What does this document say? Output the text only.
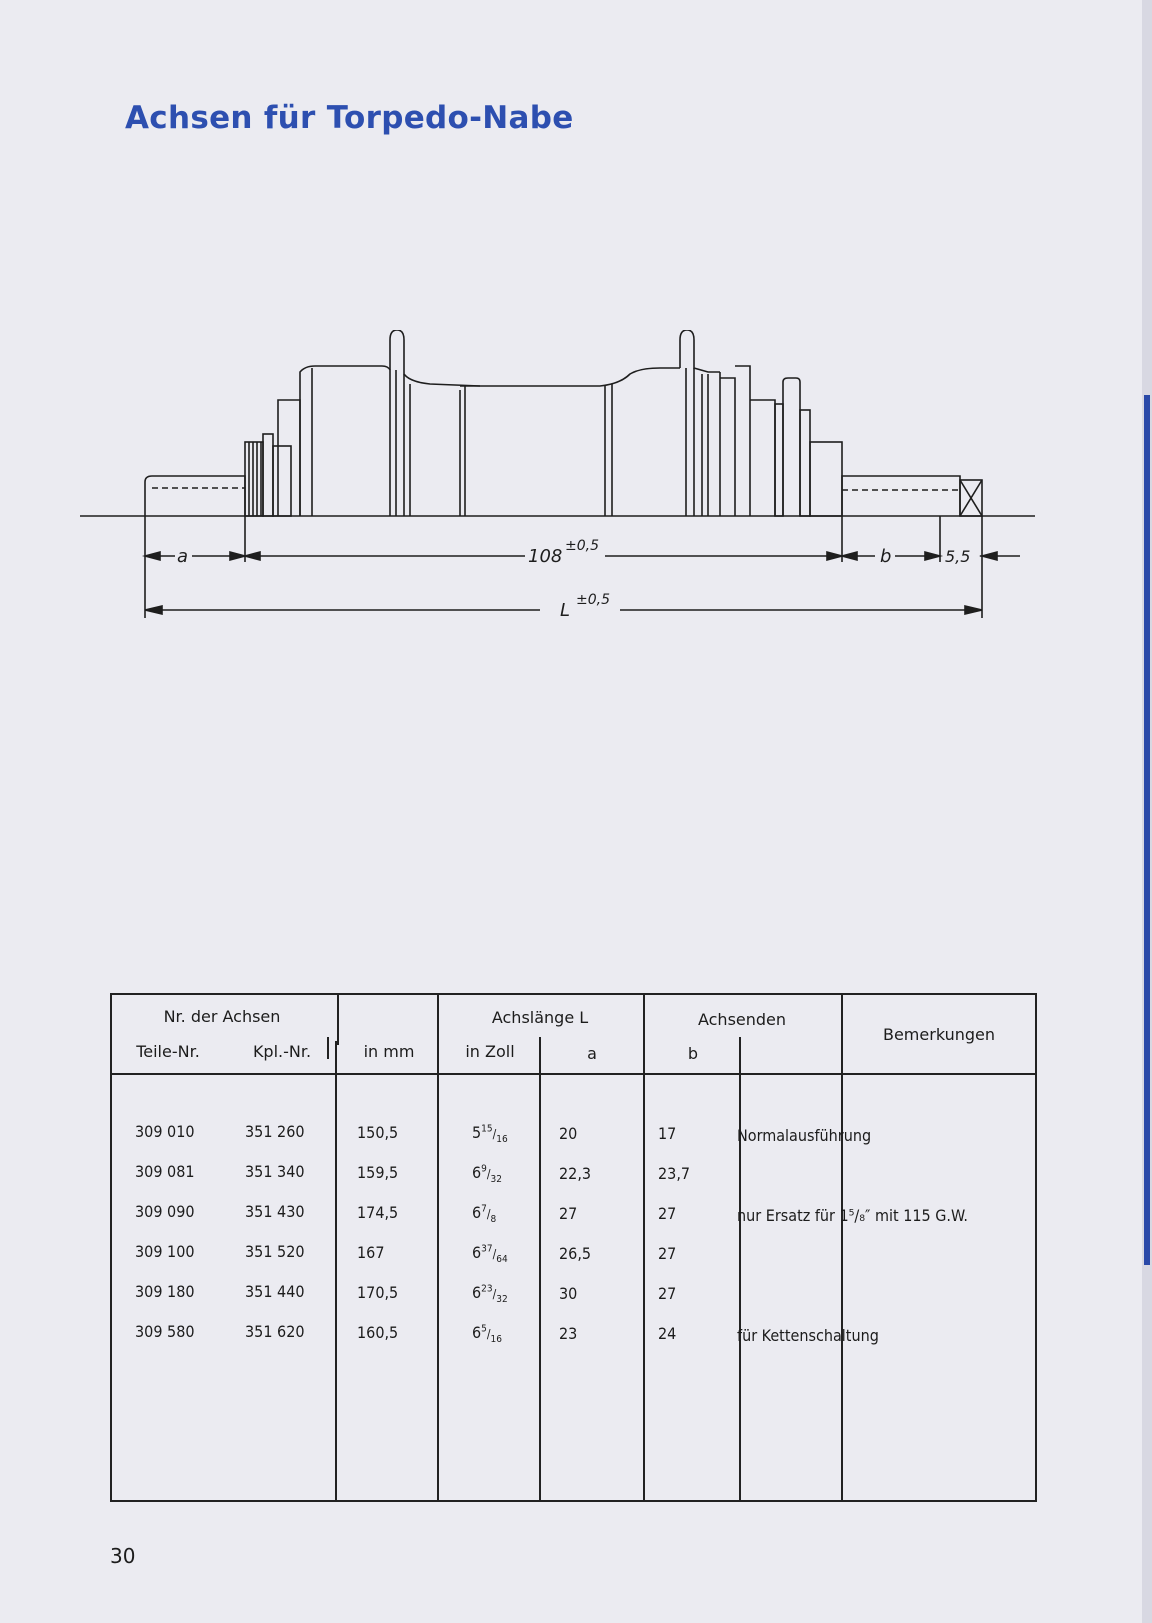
Achsen für Torpedo-Nabe
a	108 ±0,5	b	5,5
L ±0,5
Nr. der Achsen	Achslänge L	Achsenden
Bemerkungen
Teile-Nr.	Kpl.-Nr.	in mm	in Zoll	a	b
309 010	351 260	150,5	$5^{15}/_{16}$	20	17	Normalausführung
309 081	351 340	159,5	$6^9/_{32}$	22,3	23,7
309 090	351 430	174,5	$6^7/_8$	27	27	nur Ersatz für 1⁵/₈″ mit 115 G.W.
309 100	351 520	167	$6^{37}/_{64}$	26,5	27
309 180	351 440	170,5	$6^{23}/_{32}$	30	27
309 580	351 620	160,5	$6^5/_{16}$	23	24	für Kettenschaltung
30
